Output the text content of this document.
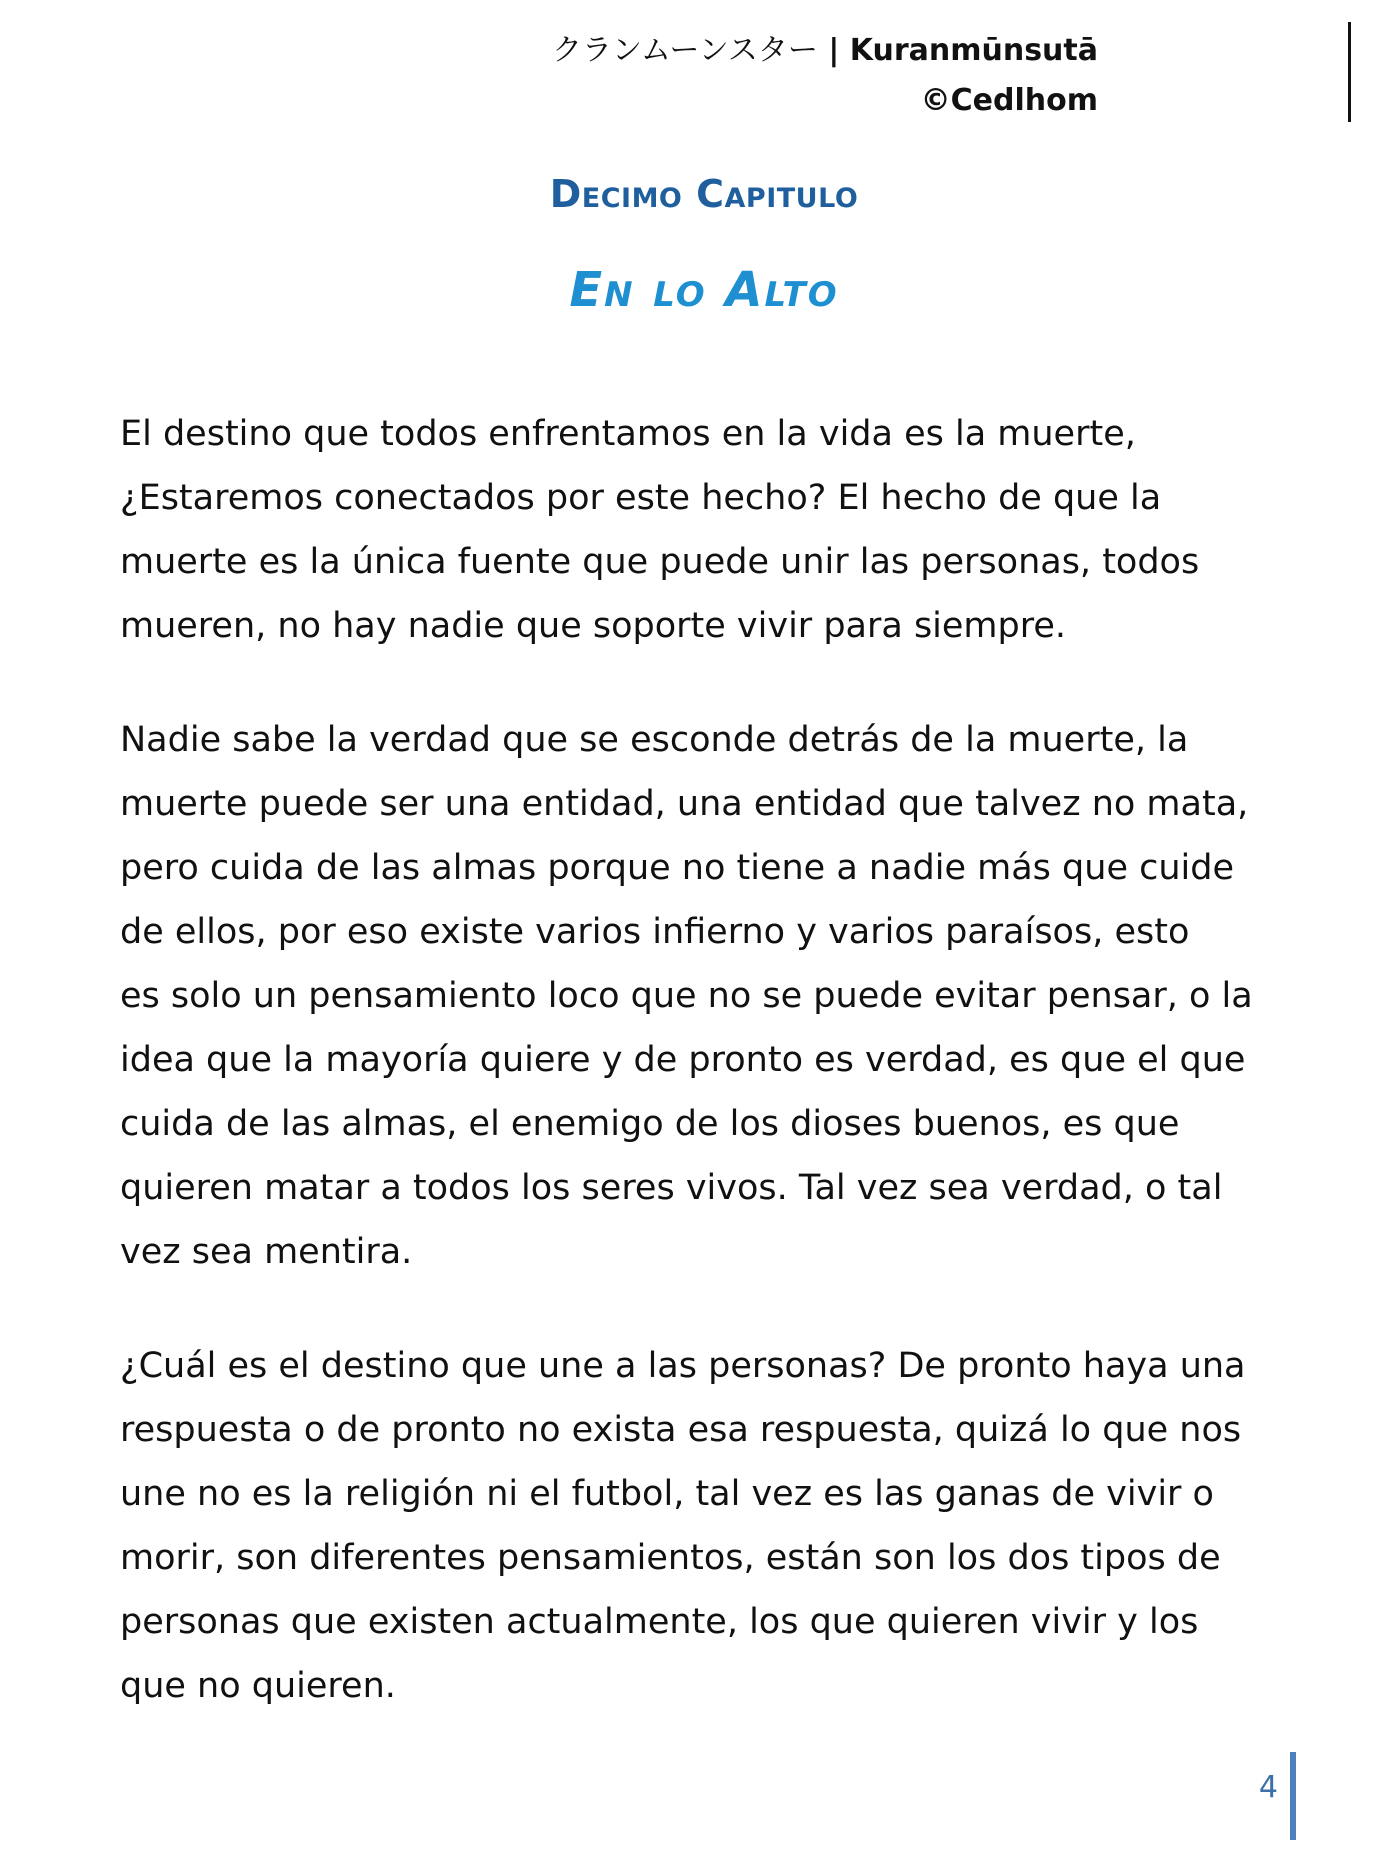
クランムーンスター | Kuranmūnsutā
©Cedlhom
Decimo Capitulo
En lo Alto
El destino que todos enfrentamos en la vida es la muerte,
¿Estaremos conectados por este hecho? El hecho de que la
muerte es la única fuente que puede unir las personas, todos
mueren, no hay nadie que soporte vivir para siempre.
Nadie sabe la verdad que se esconde detrás de la muerte, la
muerte puede ser una entidad, una entidad que talvez no mata,
pero cuida de las almas porque no tiene a nadie más que cuide
de ellos, por eso existe varios infierno y varios paraísos, esto
es solo un pensamiento loco que no se puede evitar pensar, o la
idea que la mayoría quiere y de pronto es verdad, es que el que
cuida de las almas, el enemigo de los dioses buenos, es que
quieren matar a todos los seres vivos. Tal vez sea verdad, o tal
vez sea mentira.
¿Cuál es el destino que une a las personas? De pronto haya una
respuesta o de pronto no exista esa respuesta, quizá lo que nos
une no es la religión ni el futbol, tal vez es las ganas de vivir o
morir, son diferentes pensamientos, están son los dos tipos de
personas que existen actualmente, los que quieren vivir y los
que no quieren.
4
